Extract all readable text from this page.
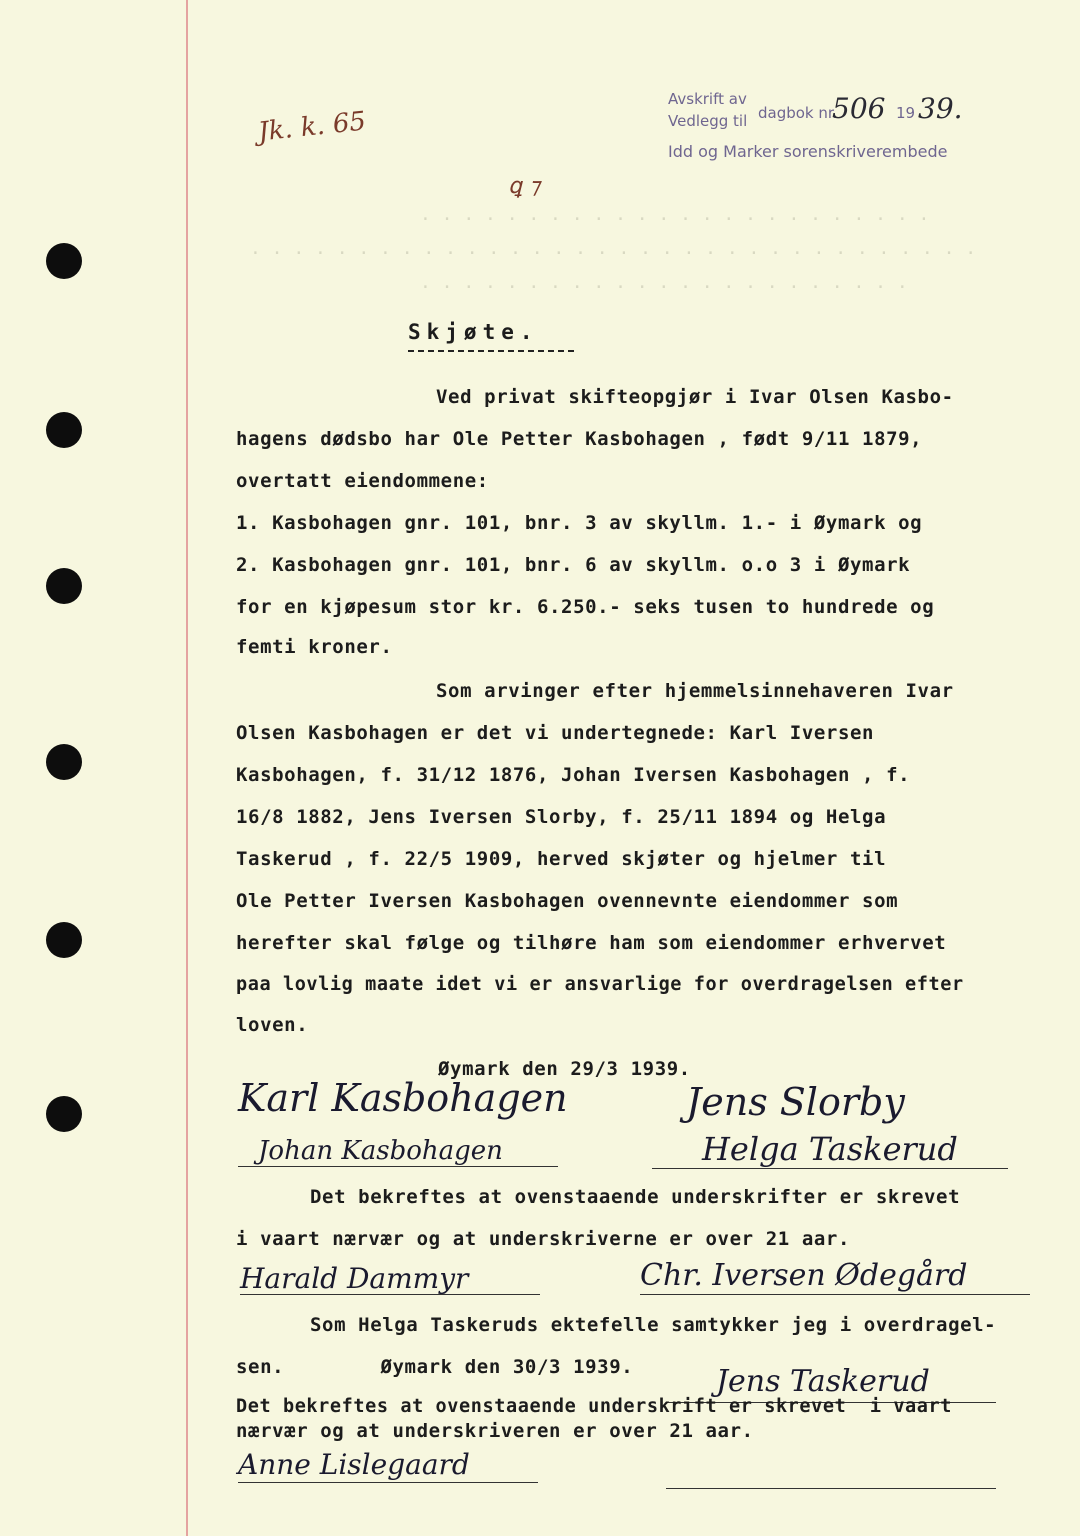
. . . . . . . . . . . . . . . . . . . . . . . .
. . . . . . . . . . . . . . . . . . . . . . . . . . . . . . . . . .
. . . . . . . . . . . . . . . . . . . . . . .
Avskrift av
Vedlegg til dagbok nr.
506 19 39.
Idd og Marker sorenskriverembede
Jk. k. 65
ꝗ ⁊
Skjøte.
Ved privat skifteopgjør i Ivar Olsen Kasbo-
hagens dødsbo har Ole Petter Kasbohagen , født 9/11 1879,
overtatt eiendommene:
1. Kasbohagen gnr. 101, bnr. 3 av skyllm. 1.- i Øymark og
2. Kasbohagen gnr. 101, bnr. 6 av skyllm. o.o 3 i Øymark
for en kjøpesum stor kr. 6.250.- seks tusen to hundrede og
femti kroner.
Som arvinger efter hjemmelsinnehaveren Ivar
Olsen Kasbohagen er det vi undertegnede: Karl Iversen
Kasbohagen, f. 31/12 1876, Johan Iversen Kasbohagen , f.
16/8 1882, Jens Iversen Slorby, f. 25/11 1894 og Helga
Taskerud , f. 22/5 1909, herved skjøter og hjelmer til
Ole Petter Iversen Kasbohagen ovennevnte eiendommer som
herefter skal følge og tilhøre ham som eiendommer erhvervet
paa lovlig maate idet vi er ansvarlige for overdragelsen efter
loven.
Øymark den 29/3 1939.
Karl Kasbohagen	Jens Slorby
Johan Kasbohagen	Helga Taskerud
Det bekreftes at ovenstaaende underskrifter er skrevet
i vaart nærvær og at underskriverne er over 21 aar.
Harald Dammyr	Chr. Iversen Ødegård
Som Helga Taskeruds ektefelle samtykker jeg i overdragel-
sen.        Øymark den 30/3 1939.	Jens Taskerud
Det bekreftes at ovenstaaende underskrift er skrevet  i vaart
nærvær og at underskriveren er over 21 aar.
Anne Lislegaard
